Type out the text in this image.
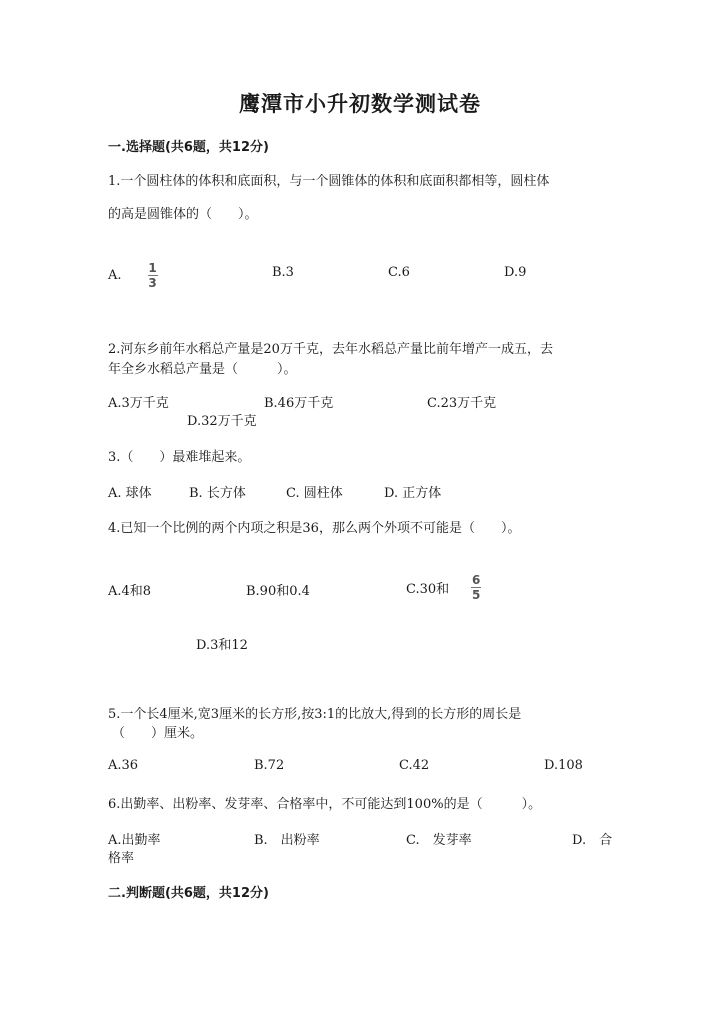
鹰潭市小升初数学测试卷
一.选择题(共6题，共12分)
1.一个圆柱体的体积和底面积，与一个圆锥体的体积和底面积都相等，圆柱体
的高是圆锥体的（　　）。
A. $\frac{1}{3}$	B.3	C.6	D.9
2.河东乡前年水稻总产量是20万千克，去年水稻总产量比前年增产一成五，去
年全乡水稻总产量是（　　　）。
A.3万千克	B.46万千克	C.23万千克
D.32万千克
3.（　　）最难堆起来。
A. 球体	B. 长方体	C. 圆柱体	D. 正方体
4.已知一个比例的两个内项之积是36，那么两个外项不可能是（　　）。
A.4和8	B.90和0.4	C.30和 $\frac{6}{5}$
D.3和12
5.一个长4厘米,宽3厘米的长方形,按3:1的比放大,得到的长方形的周长是
（　　）厘米。
A.36	B.72	C.42	D.108
6.出勤率、出粉率、发芽率、合格率中，不可能达到100%的是（　　　）。
A.出勤率	B.　出粉率	C.　发芽率	D.　合
格率
二.判断题(共6题，共12分)
